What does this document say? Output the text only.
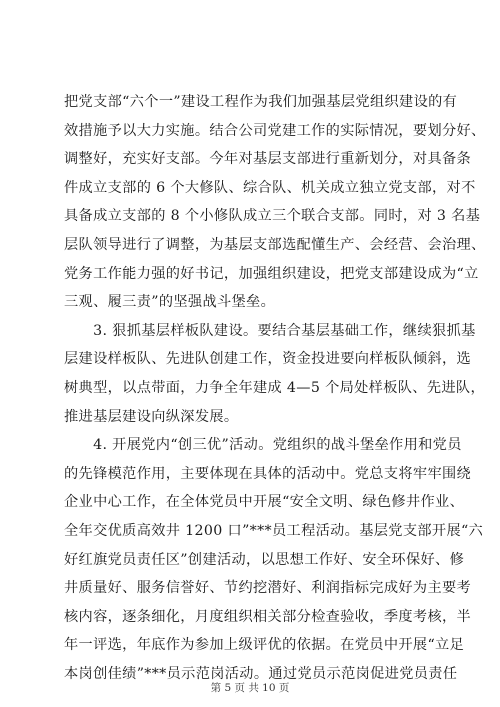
把党支部“六个一”建设工程作为我们加强基层党组织建设的有
效措施予以大力实施。结合公司党建工作的实际情况，要划分好、
调整好，充实好支部。今年对基层支部进行重新划分，对具备条
件成立支部的 6 个大修队、综合队、机关成立独立党支部，对不
具备成立支部的 8 个小修队成立三个联合支部。同时，对 3 名基
层队领导进行了调整，为基层支部选配懂生产、会经营、会治理、
党务工作能力强的好书记，加强组织建设，把党支部建设成为“立
三观、履三责”的坚强战斗堡垒。
　　3. 狠抓基层样板队建设。要结合基层基础工作，继续狠抓基
层建设样板队、先进队创建工作，资金投进要向样板队倾斜，选
树典型，以点带面，力争全年建成 4—5 个局处样板队、先进队，
推进基层建设向纵深发展。
　　4. 开展党内“创三优”活动。党组织的战斗堡垒作用和党员
的先锋模范作用，主要体现在具体的活动中。党总支将牢牢围绕
企业中心工作，在全体党员中开展“安全文明、绿色修井作业、
全年交优质高效井 1200 口”***员工程活动。基层党支部开展“六
好红旗党员责任区”创建活动，以思想工作好、安全环保好、修
井质量好、服务信誉好、节约挖潜好、利润指标完成好为主要考
核内容，逐条细化，月度组织相关部分检查验收，季度考核，半
年一评选，年底作为参加上级评优的依据。在党员中开展“立足
本岗创佳绩”***员示范岗活动。通过党员示范岗促进党员责任
第 5 页 共 10 页
